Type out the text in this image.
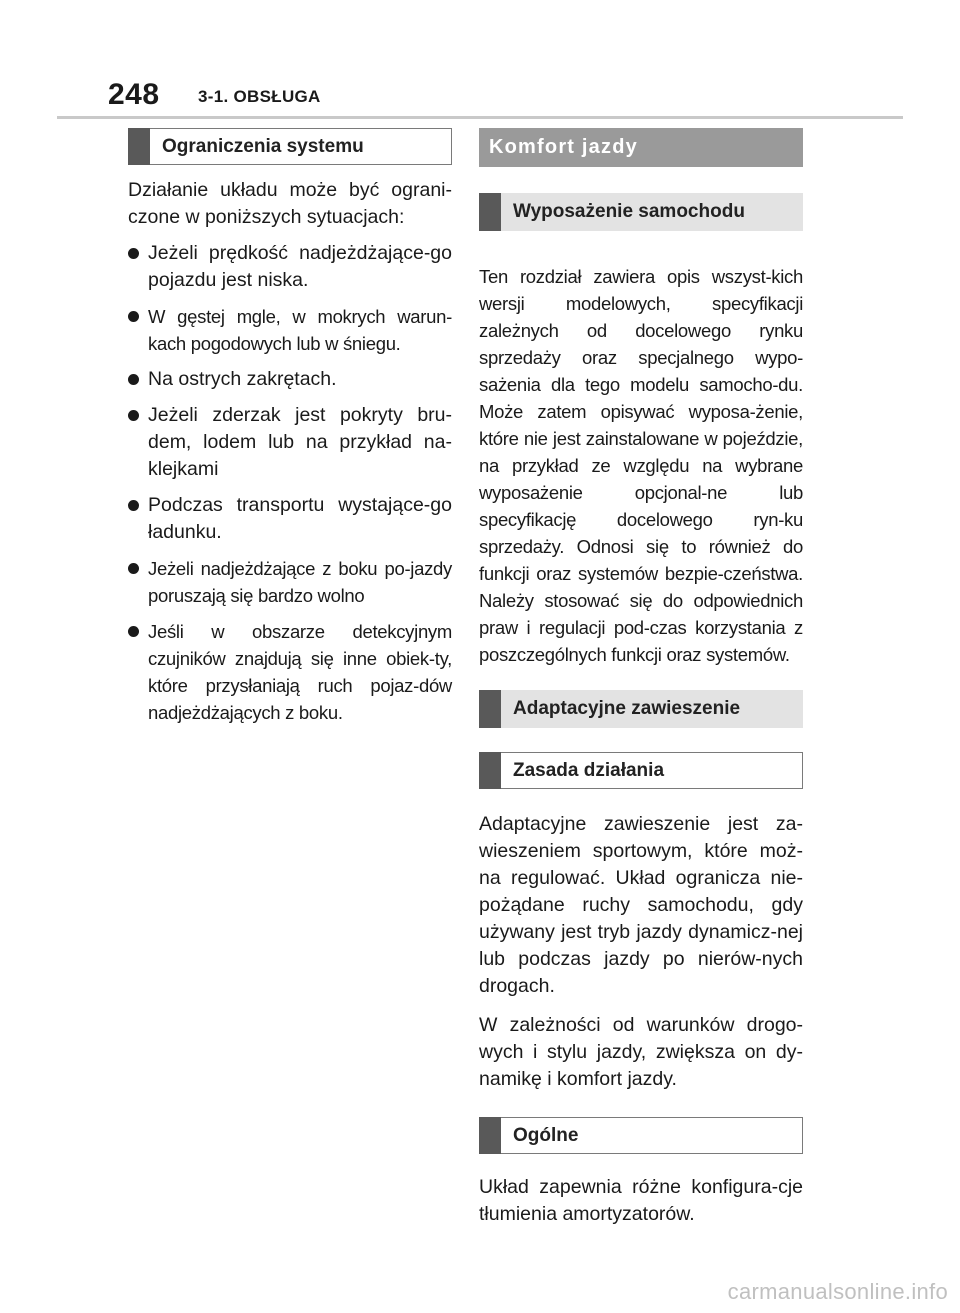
248 3-1. OBSŁUGA
Ograniczenia systemu

Działanie układu może być ograni-czone w poniższych sytuacjach:

Jeżeli prędkość nadjeżdżające-go pojazdu jest niska.

W gęstej mgle, w mokrych warun-kach pogodowych lub w śniegu.

Na ostrych zakrętach.

Jeżeli zderzak jest pokryty bru-dem, lodem lub na przykład na-klejkami

Podczas transportu wystające-go ładunku.

Jeżeli nadjeżdżające z boku po-jazdy poruszają się bardzo wolno

Jeśli w obszarze detekcyjnym czujników znajdują się inne obiek-ty, które przysłaniają ruch pojaz-dów nadjeżdżających z boku.

Komfort jazdy
Wyposażenie samochodu

Ten rozdział zawiera opis wszyst-kich wersji modelowych, specyfikacji zależnych od docelowego rynku sprzedaży oraz specjalnego wypo-sażenia dla tego modelu samocho-du. Może zatem opisywać wyposa-żenie, które nie jest zainstalowane w pojeździe, na przykład ze względu na wybrane wyposażenie opcjonal-ne lub specyfikację docelowego ryn-ku sprzedaży. Odnosi się to również do funkcji oraz systemów bezpie-czeństwa. Należy stosować się do odpowiednich praw i regulacji pod-czas korzystania z poszczególnych funkcji oraz systemów.

Adaptacyjne zawieszenie
Zasada działania

Adaptacyjne zawieszenie jest za-wieszeniem sportowym, które moż-na regulować. Układ ogranicza nie-pożądane ruchy samochodu, gdy używany jest tryb jazdy dynamicz-nej lub podczas jazdy po nierów-nych drogach.

W zależności od warunków drogo-wych i stylu jazdy, zwiększa on dy-namikę i komfort jazdy.

Ogólne

Układ zapewnia różne konfigura-cje tłumienia amortyzatorów.

carmanualsonline.info
